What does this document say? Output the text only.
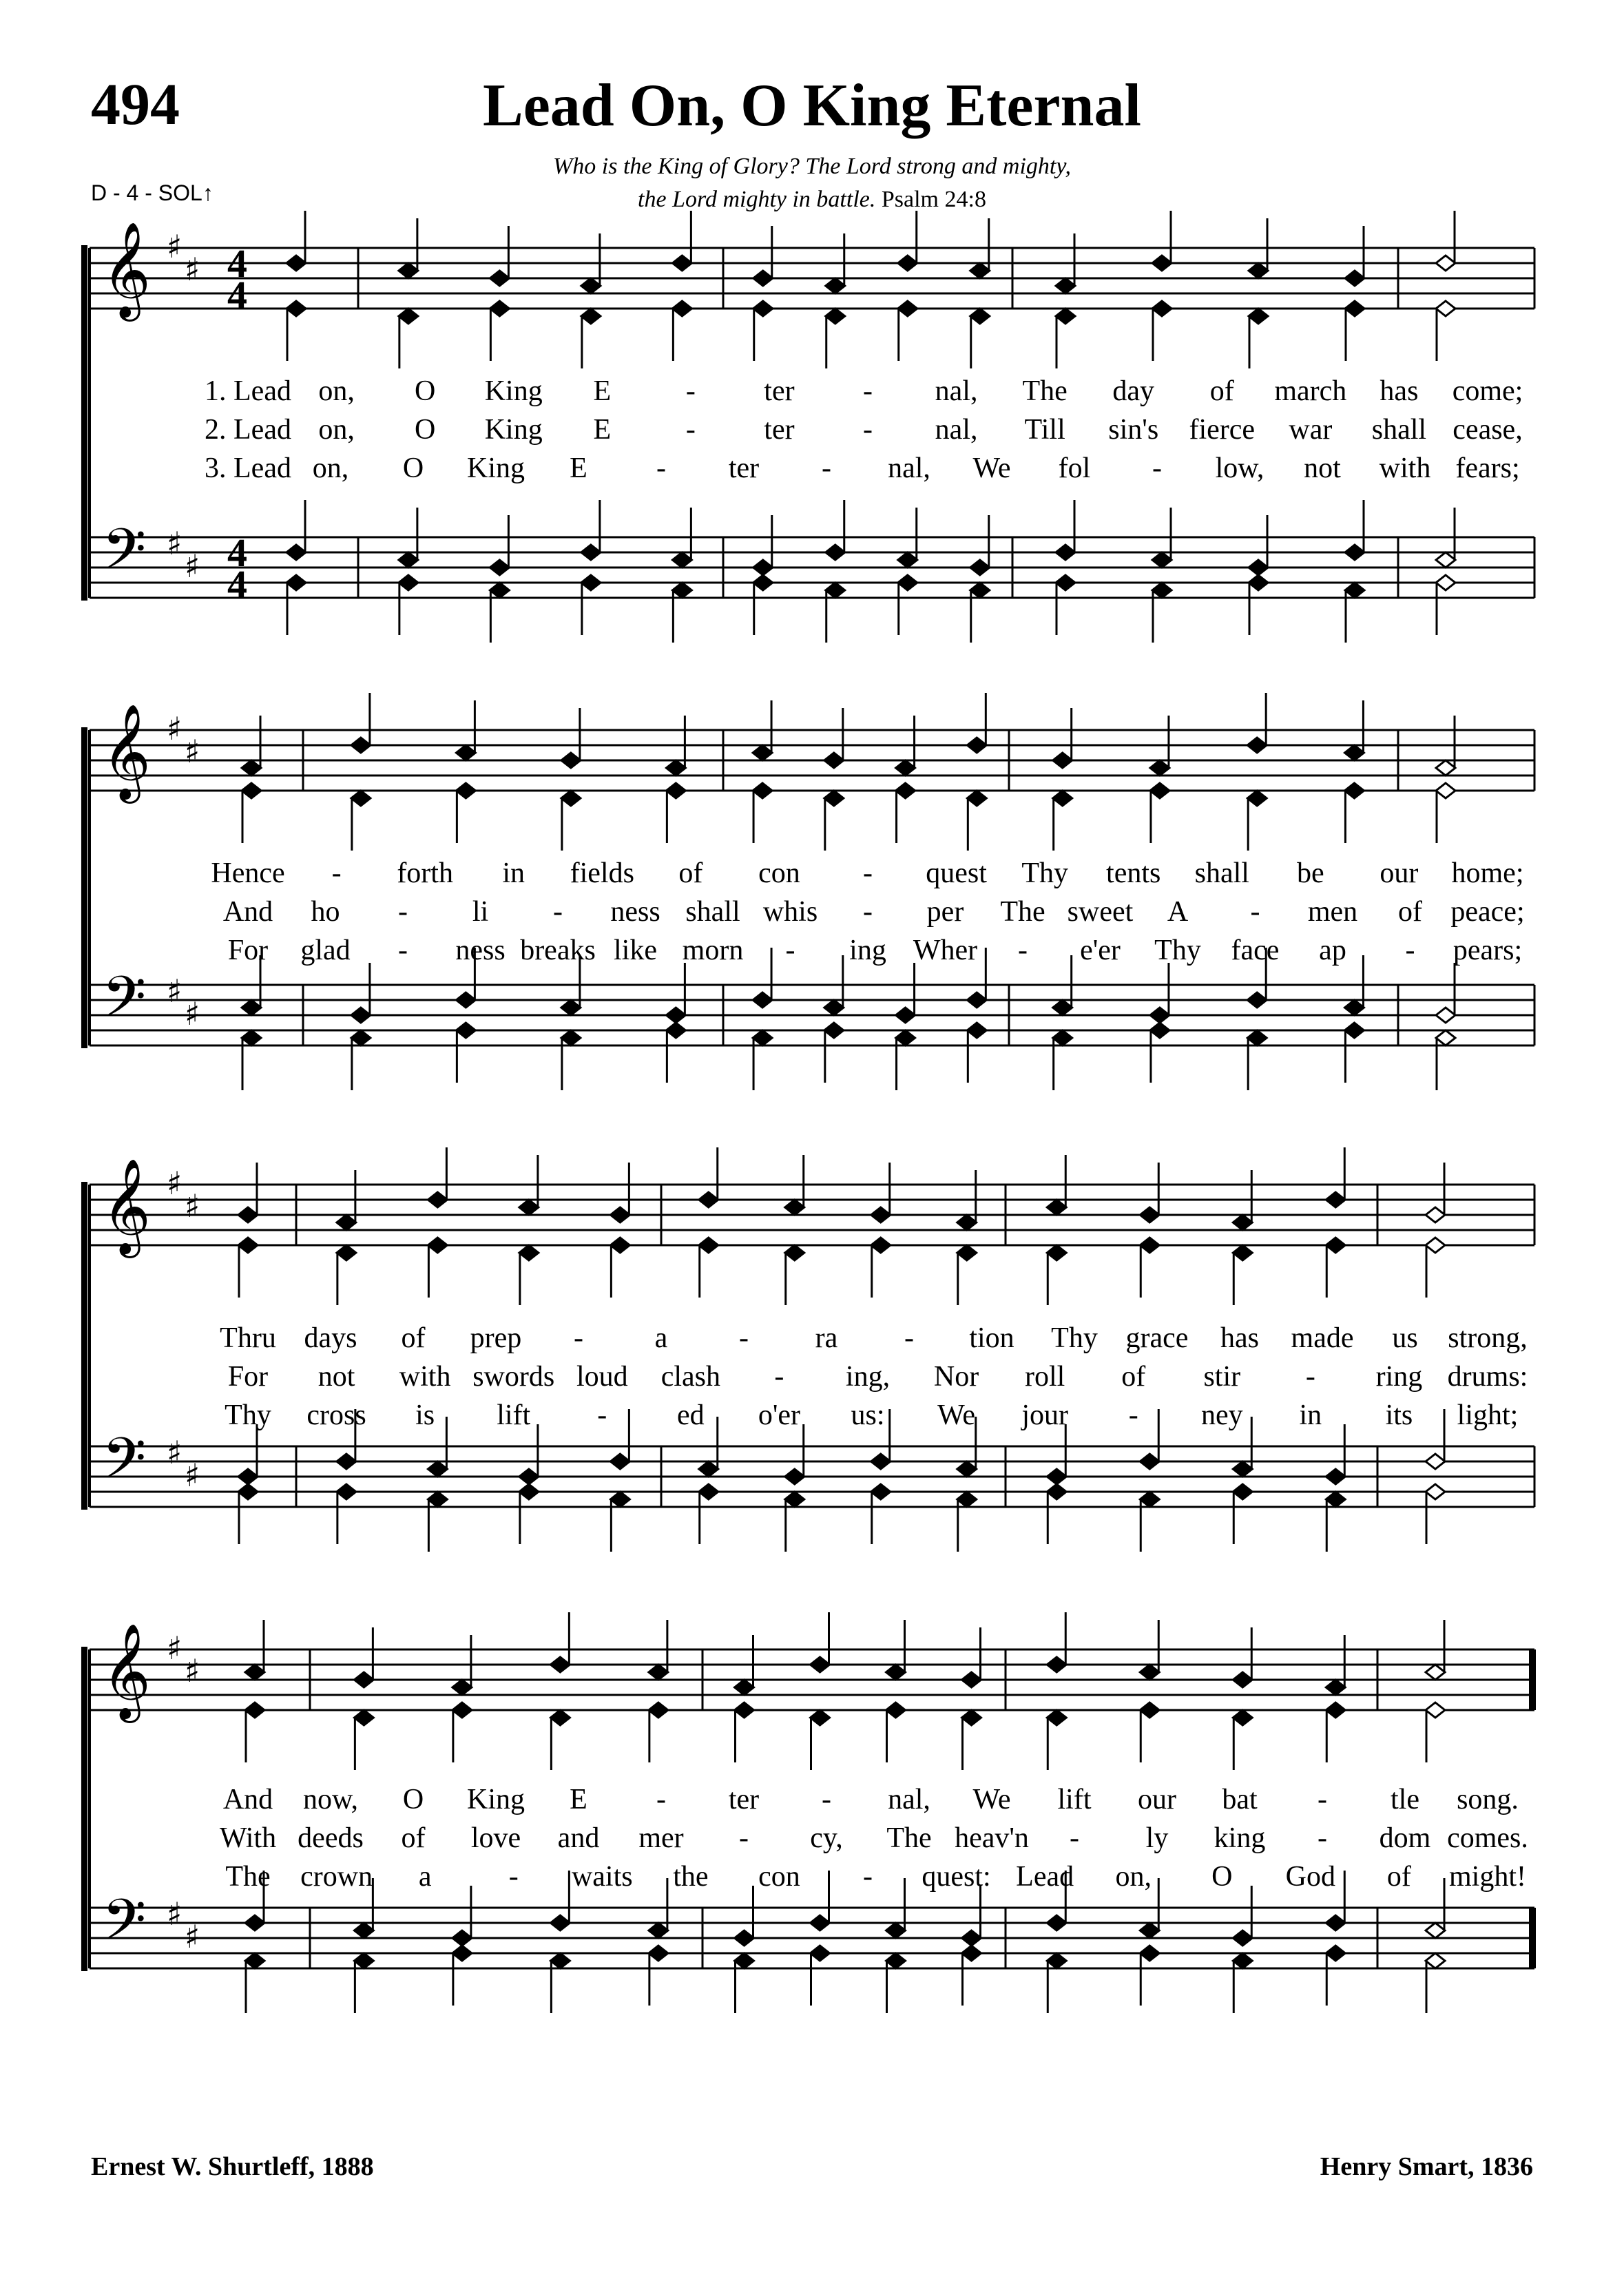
494	Lead On, O King Eternal
D - 4 - SOL↑
Who is the King of Glory? The Lord strong and mighty,
the Lord mighty in battle. Psalm 24:8
𝄞
𝄢
♯
♯
♯
♯
4
4
4
4
𝄞
𝄢
♯
♯
♯
♯
𝄞
𝄢
♯
♯
♯
♯
𝄞
𝄢
♯
♯
♯
♯
Ernest W. Shurtleff, 1888	Henry Smart, 1836
1. Lead on, O King E	- ter - nal, The day of march has come;
2. Lead on, O King E	- ter - nal, Till sin's fierce war shall cease,
3. Lead on, O King E - ter - nal, We fol - low, not with fears;
Hence - forth in fields of con - quest Thy tents shall be our home;
And ho - li - ness shall whis - per The sweet A - men of peace;
For glad - ness breaks like morn - ing Wher - e'er Thy face ap - pears;
Thru days of prep - a - ra - tion Thy grace has made us strong,
For not with swords loud clash - ing, Nor roll of stir - ring drums:
Thy cross is lift - ed o'er us: We jour - ney in its light;
And now, O King E - ter - nal, We lift our bat - tle song.
With deeds of love and mer - cy, The heav'n - ly king - dom comes.
The crown a	- waits the con - quest: Lead on, O God of might!
